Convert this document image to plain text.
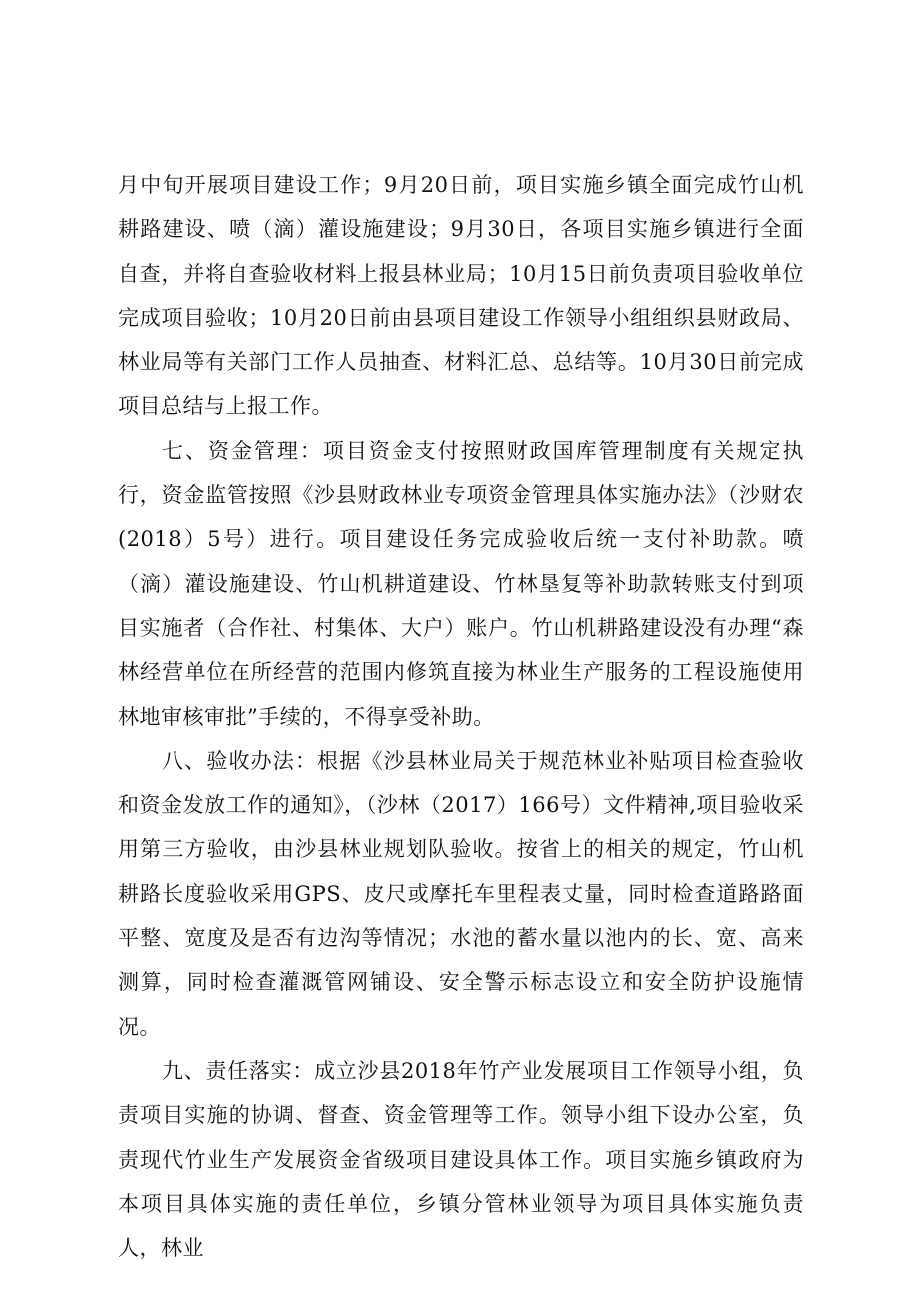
月中旬开展项目建设工作；9月20日前，项目实施乡镇全面完成竹山机耕路建设、喷（滴）灌设施建设；9月30日，各项目实施乡镇进行全面自查，并将自查验收材料上报县林业局；10月15日前负责项目验收单位完成项目验收；10月20日前由县项目建设工作领导小组组织县财政局、林业局等有关部门工作人员抽查、材料汇总、总结等。10月30日前完成项目总结与上报工作。

七、资金管理：项目资金支付按照财政国库管理制度有关规定执行，资金监管按照《沙县财政林业专项资金管理具体实施办法》（沙财农(2018）5号）进行。项目建设任务完成验收后统一支付补助款。喷（滴）灌设施建设、竹山机耕道建设、竹林垦复等补助款转账支付到项目实施者（合作社、村集体、大户）账户。竹山机耕路建设没有办理“森林经营单位在所经营的范围内修筑直接为林业生产服务的工程设施使用林地审核审批”手续的，不得享受补助。

八、验收办法：根据《沙县林业局关于规范林业补贴项目检查验收和资金发放工作的通知》，（沙林（2017）166号）文件精神,项目验收采用第三方验收，由沙县林业规划队验收。按省上的相关的规定，竹山机耕路长度验收采用GPS、皮尺或摩托车里程表丈量，同时检查道路路面平整、宽度及是否有边沟等情况；水池的蓄水量以池内的长、宽、高来测算，同时检查灌溉管网铺设、安全警示标志设立和安全防护设施情况。

九、责任落实：成立沙县2018年竹产业发展项目工作领导小组，负责项目实施的协调、督查、资金管理等工作。领导小组下设办公室，负责现代竹业生产发展资金省级项目建设具体工作。项目实施乡镇政府为本项目具体实施的责任单位，乡镇分管林业领导为项目具体实施负责人，林业
